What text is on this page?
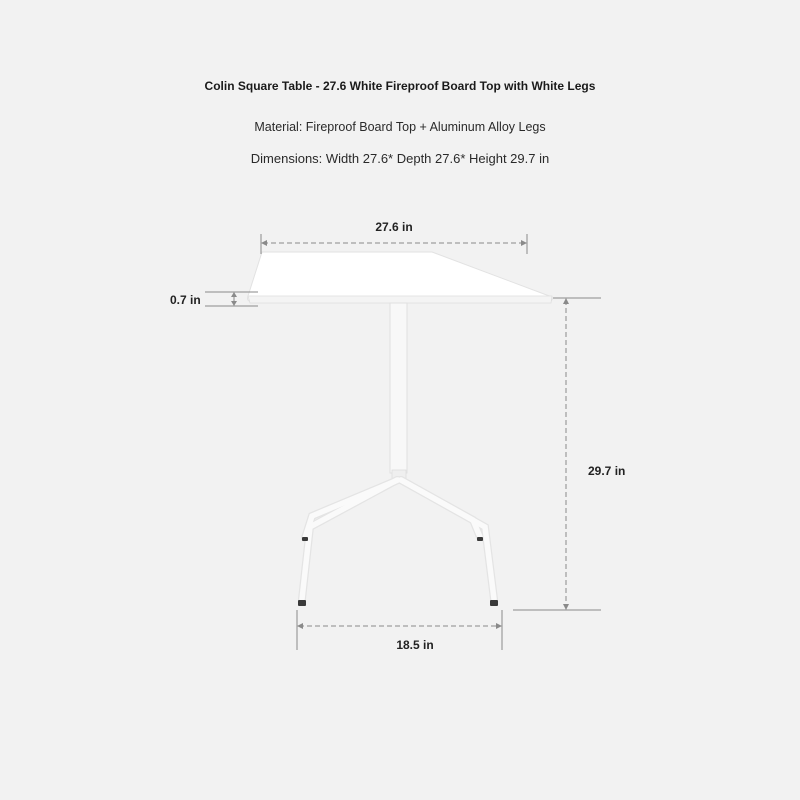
Colin Square Table - 27.6 White Fireproof Board Top with White Legs
Material: Fireproof Board Top + Aluminum Alloy Legs
Dimensions: Width 27.6* Depth 27.6* Height 29.7 in
27.6 in
0.7 in
29.7 in
18.5 in
